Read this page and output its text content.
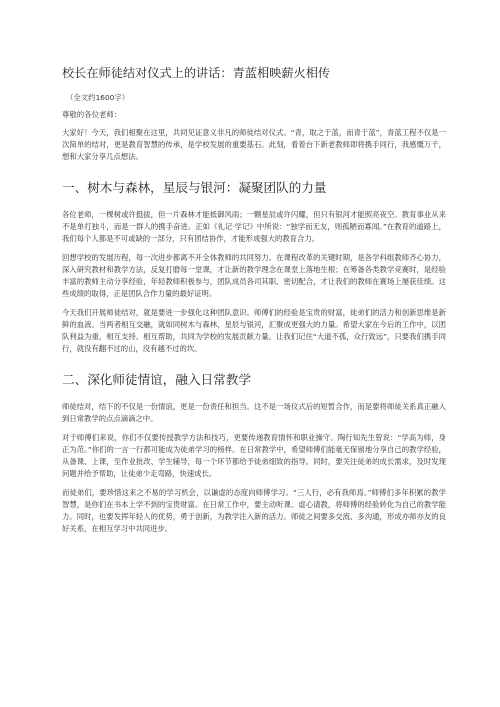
校长在师徒结对仪式上的讲话：青蓝相映薪火相传
（全文约1600字）
尊敬的各位老师：

大家好！今天，我们相聚在这里，共同见证意义非凡的师徒结对仪式。“青，取之于蓝，而青于蓝”，青蓝工程不仅是一次简单的结对，更是教育智慧的传承，是学校发展的重要基石。此刻，看着台下新老教师即将携手同行，我感慨万千，想和大家分享几点想法。

一、树木与森林，星辰与银河：凝聚团队的力量

各位老师，一棵树或许挺拔，但一片森林才能抵御风雨；一颗星辰或许闪耀，但只有银河才能照亮夜空。教育事业从来不是单打独斗，而是一群人的携手奋进。正如《礼记·学记》中所说：“独学而无友，则孤陋而寡闻。”在教育的道路上，我们每个人都是不可或缺的一部分，只有团结协作，才能形成强大的教育合力。

回想学校的发展历程，每一次进步都离不开全体教师的共同努力。在课程改革的关键时期，是各学科组教师齐心协力，深入研究教材和教学方法，反复打磨每一堂课，才让新的教学理念在课堂上落地生根；在筹备各类教学竞赛时，是经验丰富的教师主动分享经验，年轻教师积极参与，团队成员各司其职、密切配合，才让我们的教师在赛场上屡获佳绩。这些成绩的取得，正是团队合作力量的最好证明。

今天我们开展师徒结对，就是要进一步强化这种团队意识。师傅们的经验是宝贵的财富，徒弟们的活力和创新思维是新鲜的血液。当两者相互交融，就如同树木与森林、星辰与银河，汇聚成更强大的力量。希望大家在今后的工作中，以团队利益为重，相互支持、相互帮助，共同为学校的发展贡献力量。让我们记住“大道不孤，众行致远”，只要我们携手同行，就没有翻不过的山，没有越不过的坎。

二、深化师徒情谊，融入日常教学

师徒结对，结下的不仅是一份情谊，更是一份责任和担当。这不是一场仪式后的短暂合作，而是要将师徒关系真正融入到日常教学的点点滴滴之中。

对于师傅们来说，你们不仅要传授教学方法和技巧，更要传递教育情怀和职业操守。陶行知先生曾说：“学高为师，身正为范。”你们的一言一行都可能成为徒弟学习的榜样。在日常教学中，希望师傅们能毫无保留地分享自己的教学经验，从备课、上课，至作业批改、学生辅导，每一个环节都给予徒弟细致的指导。同时，要关注徒弟的成长需求，及时发现问题并给予帮助，让徒弟少走弯路，快速成长。

而徒弟们，要珍惜这来之不易的学习机会，以谦虚的态度向师傅学习。“三人行，必有我师焉。”师傅们多年积累的教学智慧，是你们在书本上学不到的宝贵财富。在日常工作中，要主动听课、虚心请教，将师傅的经验转化为自己的教学能力。同时，也要发挥年轻人的优势，勇于创新，为教学注入新的活力。师徒之间要多交流、多沟通，形成亦师亦友的良好关系，在相互学习中共同进步。
